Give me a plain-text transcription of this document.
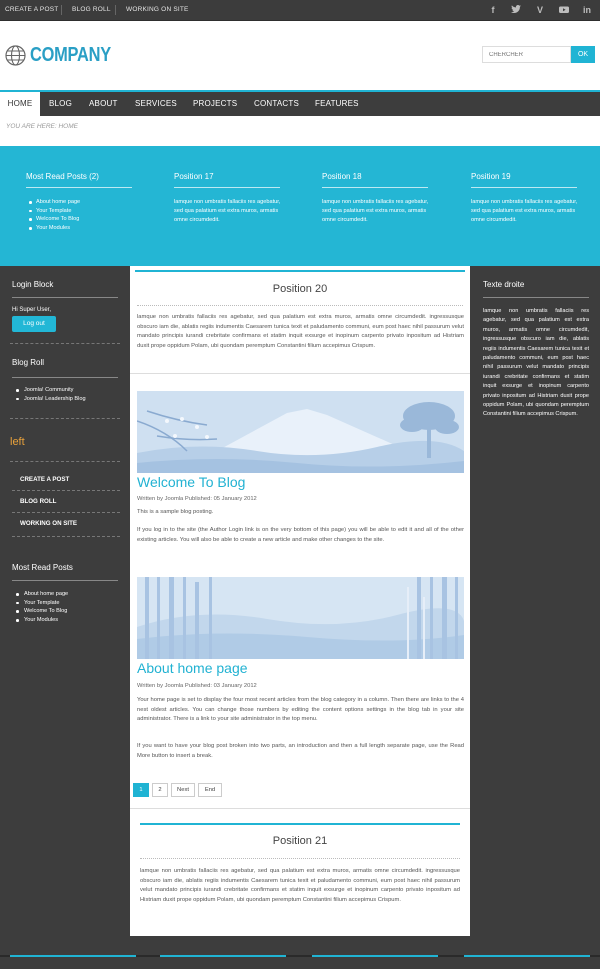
CREATE A POST BLOG ROLL WORKING ON SITE	f	V	in
COMPANY
CHERCHER	OK
HOME	BLOG ABOUT SERVICES PROJECTS CONTACTS FEATURES
YOU ARE HERE: HOME
Most Read Posts (2)
About home page
Your Template
Welcome To Blog
Your Modules
Position 17
lamque non umbratis fallaciis res agebatur, sed qua palatium est extra muros, armatis omne circumdedit.
Position 18
lamque non umbratis fallaciis res agebatur, sed qua palatium est extra muros, armatis omne circumdedit.
Position 19
lamque non umbratis fallaciis res agebatur, sed qua palatium est extra muros, armatis omne circumdedit.
Login Block
Hi Super User,
Log out
Blog Roll
Joomla! Community
Joomla! Leadership Blog
left
CREATE A POST
BLOG ROLL
WORKING ON SITE
Most Read Posts
About home page
Your Template
Welcome To Blog
Your Modules
Position 20
lamque non umbratis fallaciis res agebatur, sed qua palatium est extra muros, armatis omne circumdedit. ingressusque obscuro iam die, ablatis regiis indumentis Caesarem tunica texit et paludamento communi, eum post haec nihil passurum velut mandato principis iurandi crebritate confirmans et statim inquit exsurge et inopinum carpento privato inpositum ad Histriam duxit prope oppidum Polam, ubi quondam peremptum Constantini filium accepimus Crispum.
Welcome To Blog
Written by Joomla Published: 05 January 2012
This is a sample blog posting.
If you log in to the site (the Author Login link is on the very bottom of this page) you will be able to edit it and all of the other existing articles. You will also be able to create a new article and make other changes to the site.
About home page
Written by Joomla Published: 03 January 2012
Your home page is set to display the four most recent articles from the blog category in a column. Then there are links to the 4 nest oldest articles. You can change those numbers by editing the content options settings in the blog tab in your site administrator. There is a link to your site administrator in the top menu.
If you want to have your blog post broken into two parts, an introduction and then a full length separate page, use the Read More button to insert a break.
1	2	Next	End
Position 21
lamque non umbratis fallaciis res agebatur, sed qua palatium est extra muros, armatis omne circumdedit. ingressusque obscuro iam die, ablatis regiis indumentis Caesarem tunica texit et paludamento communi, eum post haec nihil passurum velut mandato principis iurandi crebritate confirmans et statim inquit exsurge et inopinum carpento privato inpositum ad Histriam duxit prope oppidum Polam, ubi quondam peremptum Constantini filium accepimus Crispum.
Texte droite
lamque non umbratis fallaciis res agebatur, sed qua palatium est extra muros, armatis omne circumdedit, ingressusque obscuro iam die, ablatis regiis indumentis Caesarem tunica texit et paludamento communi, eum post haec nihil passurum velut mandato principis iurandi crebritate confirmans et statim inquit exsurge et inopinum carpento privato inpositum ad Histriam duxit prope oppidum Polam, ubi quondam peremptum Constantini filium accepimus Crispum.
